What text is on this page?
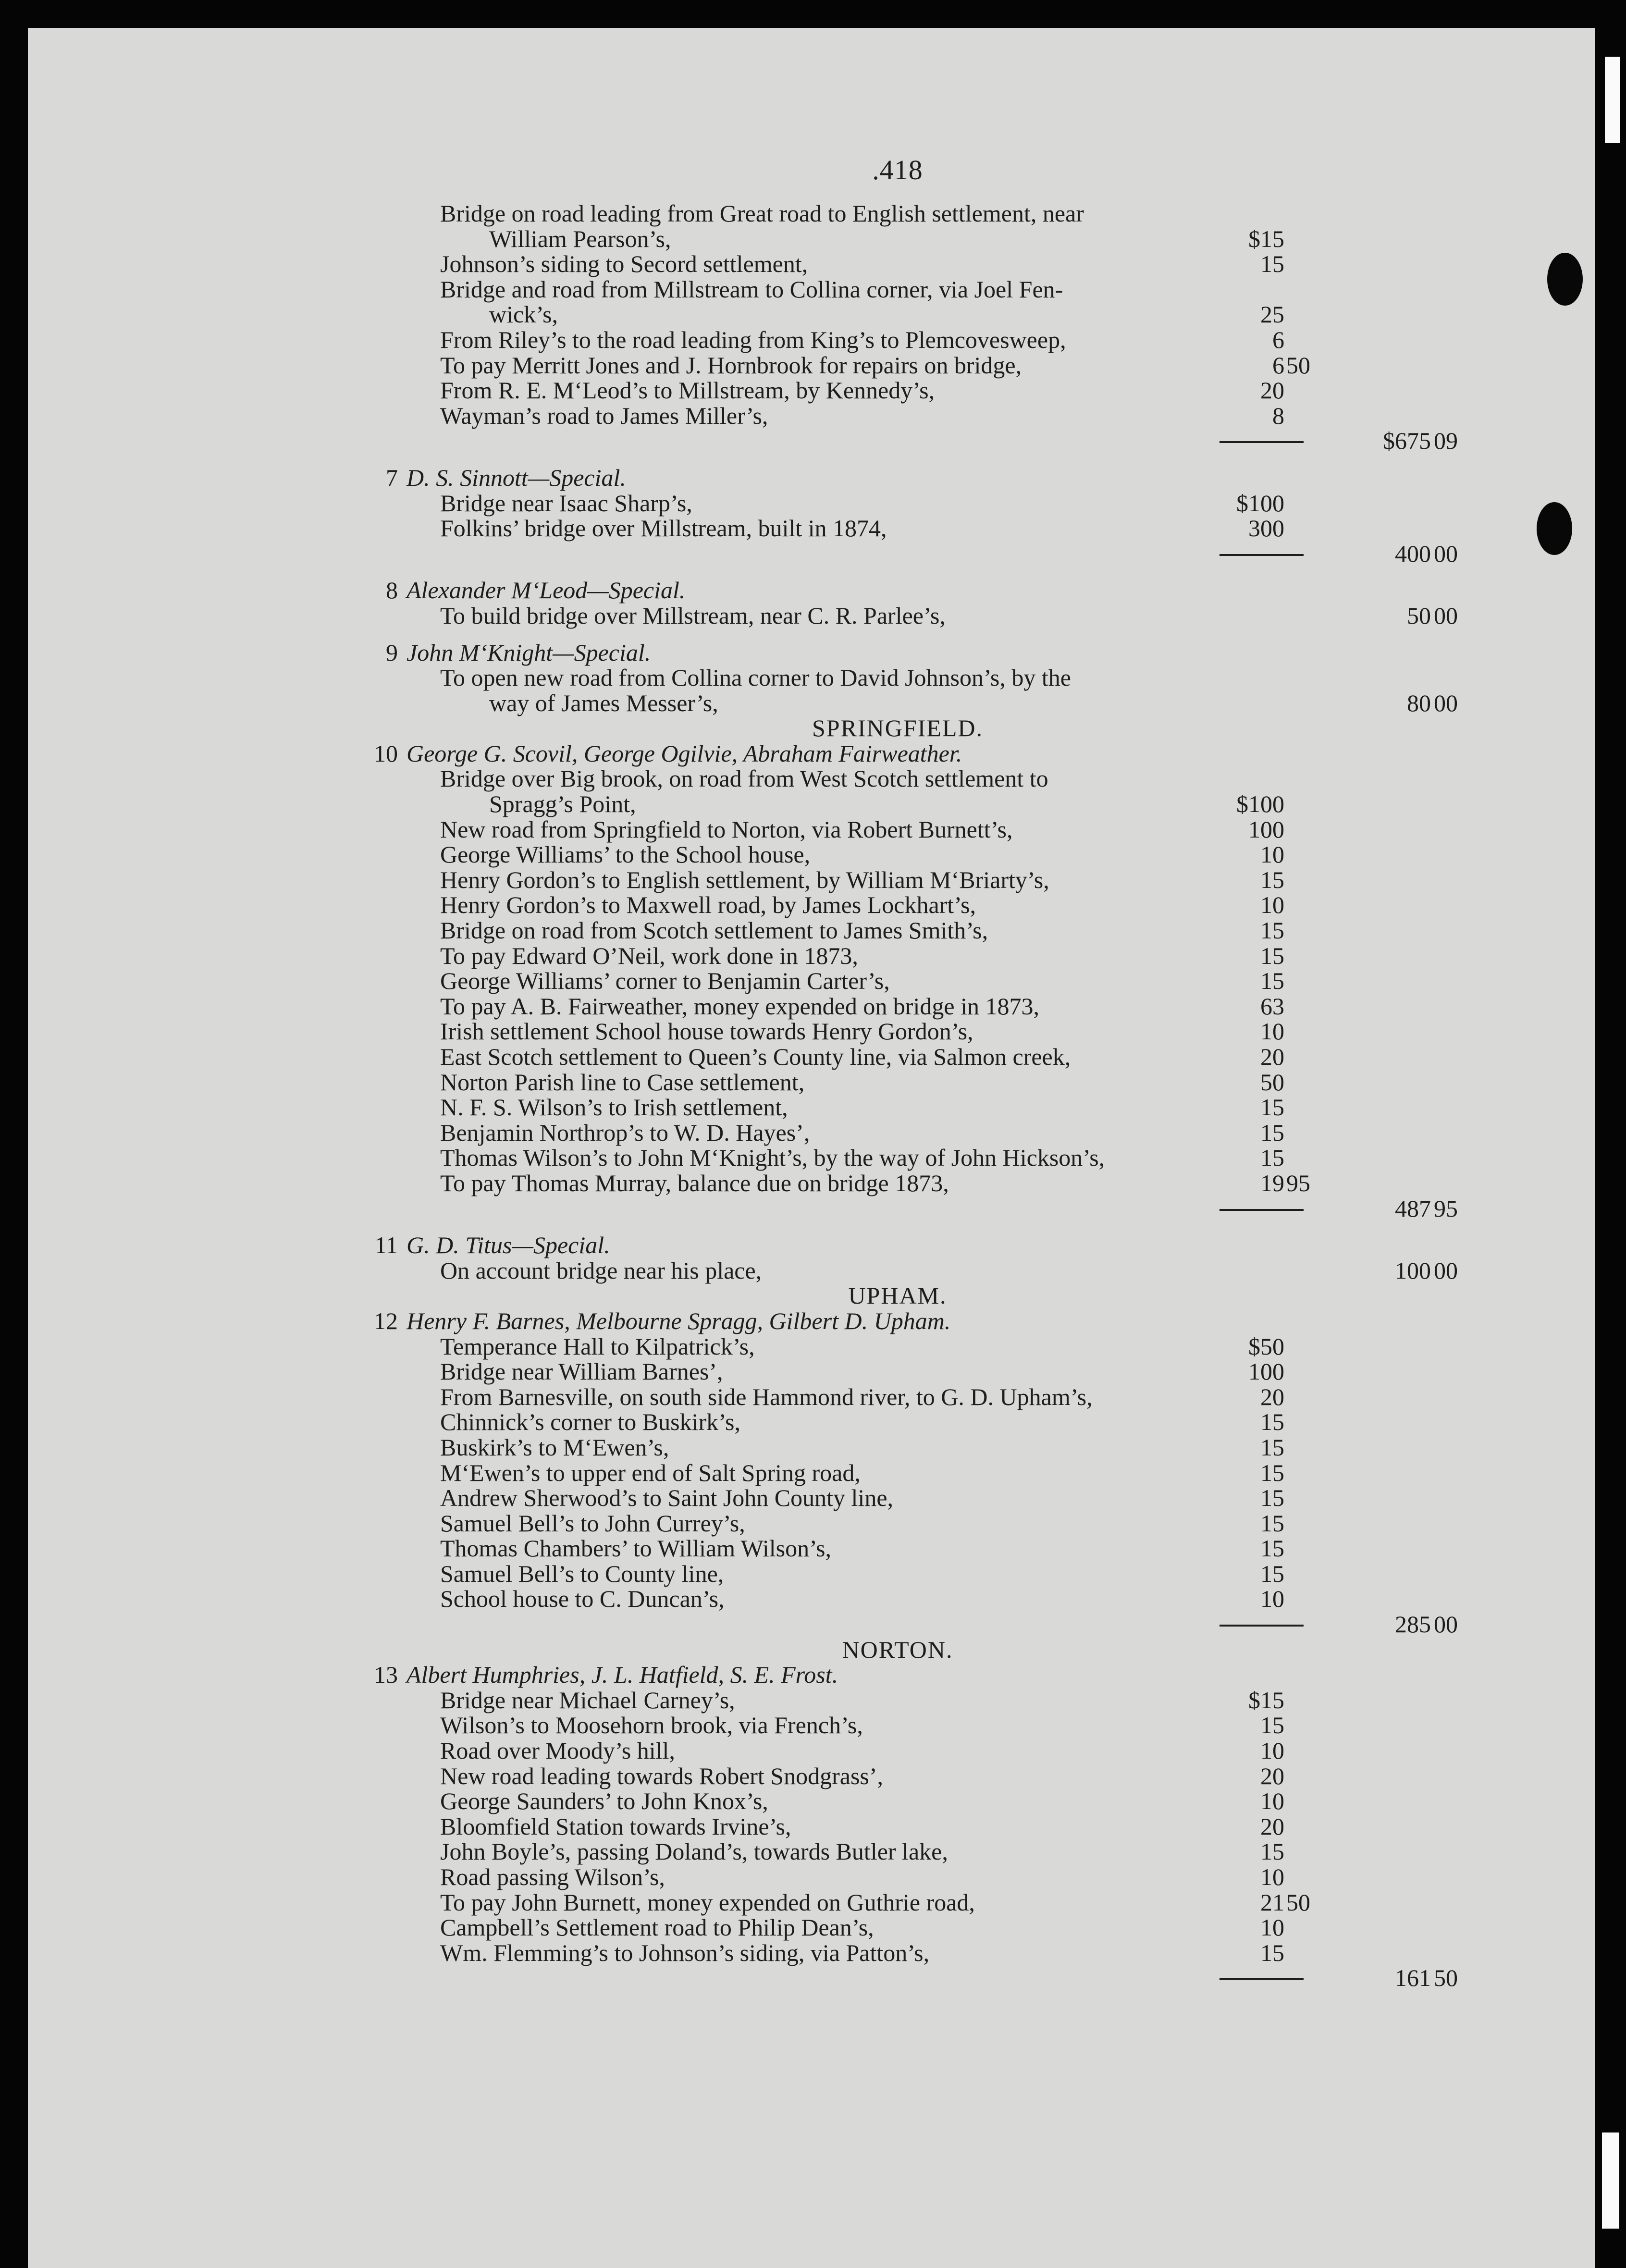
.418
Bridge on road leading from Great road to English settlement, near
William Pearson’s,	$15
Johnson’s siding to Secord settlement,	15
Bridge and road from Millstream to Collina corner, via Joel Fen-
wick’s,	25
From Riley’s to the road leading from King’s to Plemcovesweep,	6
To pay Merritt Jones and J. Hornbrook for repairs on bridge,	6 50
From R. E. M‘Leod’s to Millstream, by Kennedy’s,	20
Wayman’s road to James Miller’s,	8
$675 09
7 D. S. Sinnott—Special.
Bridge near Isaac Sharp’s,	$100
Folkins’ bridge over Millstream, built in 1874,	300
400 00
8 Alexander M‘Leod—Special.
To build bridge over Millstream, near C. R. Parlee’s,	50 00
9 John M‘Knight—Special.
To open new road from Collina corner to David Johnson’s, by the
way of James Messer’s,	80 00
SPRINGFIELD.
10 George G. Scovil, George Ogilvie, Abraham Fairweather.
Bridge over Big brook, on road from West Scotch settlement to
Spragg’s Point,	$100
New road from Springfield to Norton, via Robert Burnett’s,	100
George Williams’ to the School house,	10
Henry Gordon’s to English settlement, by William M‘Briarty’s,	15
Henry Gordon’s to Maxwell road, by James Lockhart’s,	10
Bridge on road from Scotch settlement to James Smith’s,	15
To pay Edward O’Neil, work done in 1873,	15
George Williams’ corner to Benjamin Carter’s,	15
To pay A. B. Fairweather, money expended on bridge in 1873,	63
Irish settlement School house towards Henry Gordon’s,	10
East Scotch settlement to Queen’s County line, via Salmon creek,	20
Norton Parish line to Case settlement,	50
N. F. S. Wilson’s to Irish settlement,	15
Benjamin Northrop’s to W. D. Hayes’,	15
Thomas Wilson’s to John M‘Knight’s, by the way of John Hickson’s,	15
To pay Thomas Murray, balance due on bridge 1873,	19 95
487 95
11 G. D. Titus—Special.
On account bridge near his place,	100 00
UPHAM.
12 Henry F. Barnes, Melbourne Spragg, Gilbert D. Upham.
Temperance Hall to Kilpatrick’s,	$50
Bridge near William Barnes’,	100
From Barnesville, on south side Hammond river, to G. D. Upham’s,	20
Chinnick’s corner to Buskirk’s,	15
Buskirk’s to M‘Ewen’s,	15
M‘Ewen’s to upper end of Salt Spring road,	15
Andrew Sherwood’s to Saint John County line,	15
Samuel Bell’s to John Currey’s,	15
Thomas Chambers’ to William Wilson’s,	15
Samuel Bell’s to County line,	15
School house to C. Duncan’s,	10
285 00
NORTON.
13 Albert Humphries, J. L. Hatfield, S. E. Frost.
Bridge near Michael Carney’s,	$15
Wilson’s to Moosehorn brook, via French’s,	15
Road over Moody’s hill,	10
New road leading towards Robert Snodgrass’,	20
George Saunders’ to John Knox’s,	10
Bloomfield Station towards Irvine’s,	20
John Boyle’s, passing Doland’s, towards Butler lake,	15
Road passing Wilson’s,	10
To pay John Burnett, money expended on Guthrie road,	21 50
Campbell’s Settlement road to Philip Dean’s,	10
Wm. Flemming’s to Johnson’s siding, via Patton’s,	15
161 50
